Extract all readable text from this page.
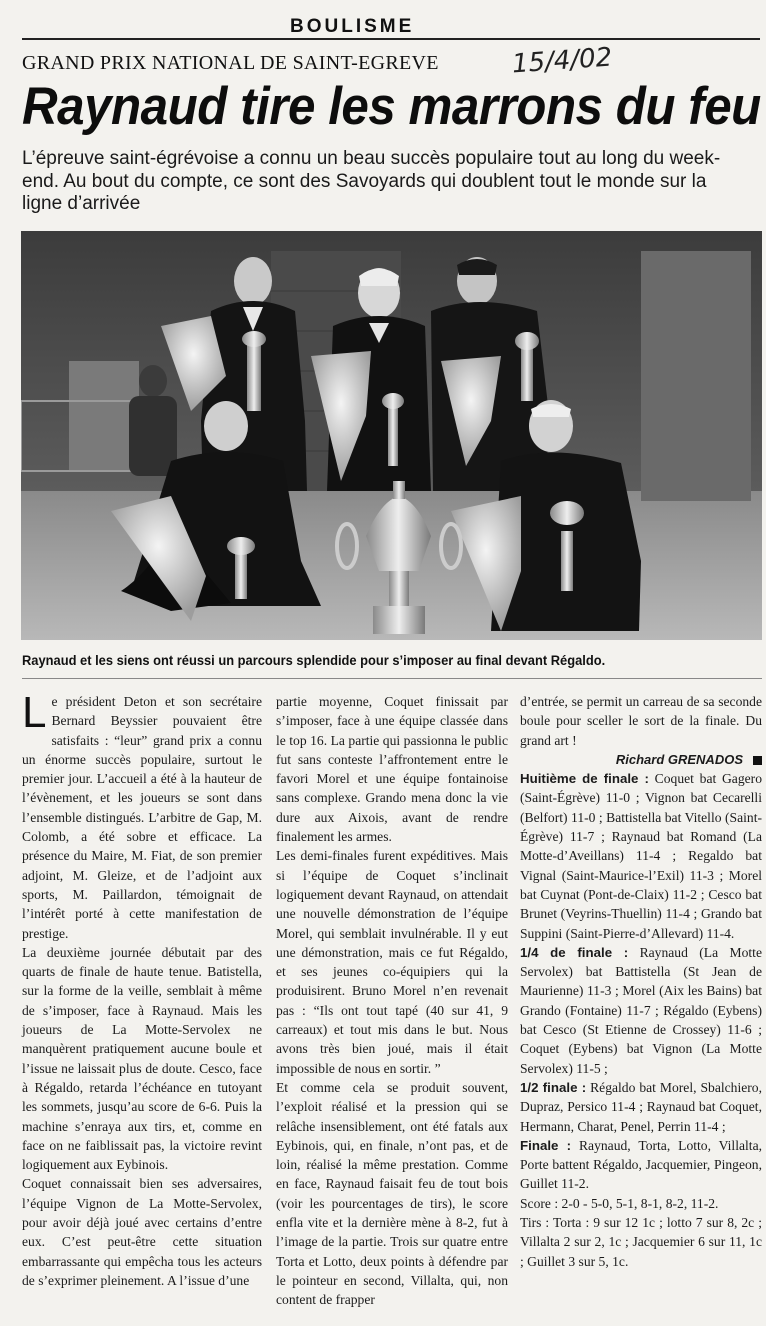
BOULISME
GRAND PRIX NATIONAL DE SAINT-EGREVE	15/4/02
Raynaud tire les marrons du feu
L’épreuve saint-égrévoise a connu un beau succès populaire tout au long du week-end. Au bout du compte, ce sont des Savoyards qui doublent tout le monde sur la ligne d’arrivée
Raynaud et les siens ont réussi un parcours splendide pour s’imposer au final devant Régaldo.

Le président Deton et son secrétaire Bernard Beyssier pouvaient être satisfaits : “leur” grand prix a connu un énorme succès populaire, surtout le premier jour. L’accueil a été à la hauteur de l’évènement, et les joueurs se sont dans l’ensemble distingués. L’arbitre de Gap, M. Colomb, a été sobre et efficace. La présence du Maire, M. Fiat, de son premier adjoint, M. Gleize, et de l’adjoint aux sports, M. Paillardon, témoignait de l’intérêt porté à cette manifestation de prestige.

La deuxième journée débutait par des quarts de finale de haute tenue. Batistella, sur la forme de la veille, semblait à même de s’imposer, face à Raynaud. Mais les joueurs de La Motte-Servolex ne manquèrent pratiquement aucune boule et l’issue ne laissait plus de doute. Cesco, face à Régaldo, retarda l’échéance en tutoyant les sommets, jusqu’au score de 6-6. Puis la machine s’enraya aux tirs, et, comme en face on ne faiblissait pas, la victoire revint logiquement aux Eybinois.

Coquet connaissait bien ses adversaires, l’équipe Vignon de La Motte-Servolex, pour avoir déjà joué avec certains d’entre eux. C’est peut-être cette situation embarrassante qui empêcha tous les acteurs de s’exprimer pleinement. A l’issue d’une

partie moyenne, Coquet finissait par s’imposer, face à une équipe classée dans le top 16. La partie qui passionna le public fut sans conteste l’affrontement entre le favori Morel et une équipe fontainoise sans complexe. Grando mena donc la vie dure aux Aixois, avant de rendre finalement les armes.

Les demi-finales furent expéditives. Mais si l’équipe de Coquet s’inclinait logiquement devant Raynaud, on attendait une nouvelle démonstration de l’équipe Morel, qui semblait invulnérable. Il y eut une démonstration, mais ce fut Régaldo, et ses jeunes co-équipiers qui la produisirent. Bruno Morel n’en revenait pas : “Ils ont tout tapé (40 sur 41, 9 carreaux) et tout mis dans le but. Nous avons très bien joué, mais il était impossible de nous en sortir. ”

Et comme cela se produit souvent, l’exploit réalisé et la pression qui se relâche insensiblement, ont été fatals aux Eybinois, qui, en finale, n’ont pas, et de loin, réalisé la même prestation. Comme en face, Raynaud faisait feu de tout bois (voir les pourcentages de tirs), le score enfla vite et la dernière mène à 8-2, fut à l’image de la partie. Trois sur quatre entre Torta et Lotto, deux points à défendre par le pointeur en second, Villalta, qui, non content de frapper

d’entrée, se permit un carreau de sa seconde boule pour sceller le sort de la finale. Du grand art !

Richard GRENADOS

Huitième de finale : Coquet bat Gagero (Saint-Égrève) 11-0 ; Vignon bat Cecarelli (Belfort) 11-0 ; Battistella bat Vitello (Saint-Égrève) 11-7 ; Raynaud bat Romand (La Motte-d’Aveillans) 11-4 ; Regaldo bat Vignal (Saint-Maurice-l’Exil) 11-3 ; Morel bat Cuynat (Pont-de-Claix) 11-2 ; Cesco bat Brunet (Veyrins-Thuellin) 11-4 ; Grando bat Suppini (Saint-Pierre-d’Allevard) 11-4.

1/4 de finale : Raynaud (La Motte Servolex) bat Battistella (St Jean de Maurienne) 11-3 ; Morel (Aix les Bains) bat Grando (Fontaine) 11-7 ; Régaldo (Eybens) bat Cesco (St Etienne de Crossey) 11-6 ; Coquet (Eybens) bat Vignon (La Motte Servolex) 11-5 ;

1/2 finale : Régaldo bat Morel, Sbalchiero, Dupraz, Persico 11-4 ; Raynaud bat Coquet, Hermann, Charat, Penel, Perrin 11-4 ;

Finale : Raynaud, Torta, Lotto, Villalta, Porte battent Régaldo, Jacquemier, Pingeon, Guillet 11-2.

Score : 2-0 - 5-0, 5-1, 8-1, 8-2, 11-2.

Tirs : Torta : 9 sur 12 1c ; lotto 7 sur 8, 2c ; Villalta 2 sur 2, 1c ; Jacquemier 6 sur 11, 1c ; Guillet 3 sur 5, 1c.
